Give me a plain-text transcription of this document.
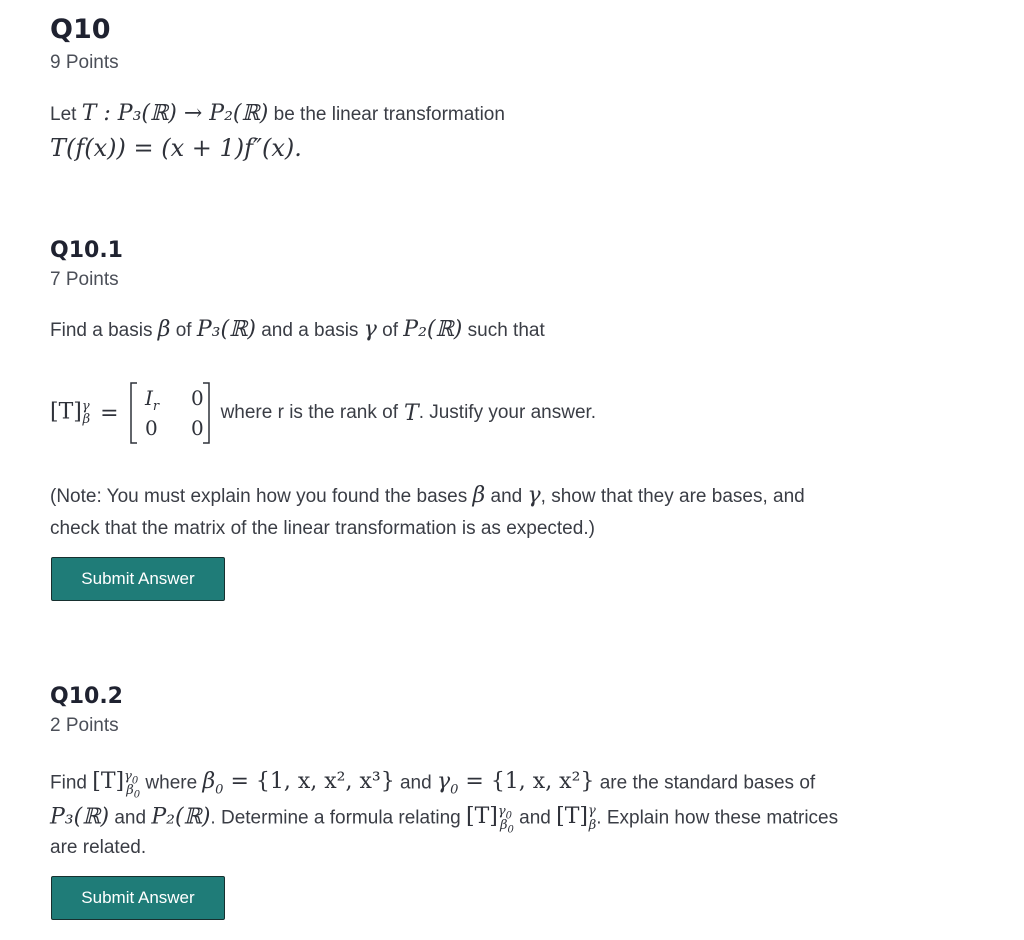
Q10
9 Points
Let T : P₃(ℝ) → P₂(ℝ) be the linear transformation
T(f(x)) = (x + 1)f″(x).
Q10.1
7 Points
Find a basis β of P₃(ℝ) and a basis γ of P₂(ℝ) such that
$[T]^\gamma_\beta$ =
$I_r$ 0
0 0
where r is the rank of T . Justify your answer.
(Note: You must explain how you found the bases β and γ, show that they are bases, and
check that the matrix of the linear transformation is as expected.)
Submit Answer
Q10.2
2 Points
Find $[T]^{\gamma_0}_{\beta_0}$ where $\beta_0 = \{1$, x, x², x³} and $\gamma_0 = \{1$, x, x²} are the standard bases of
P₃(ℝ) and P₂(ℝ). Determine a formula relating $[T]^{\gamma_0}_{\beta_0}$ and $[T]^\gamma_\beta$. Explain how these matrices
are related.
Submit Answer
